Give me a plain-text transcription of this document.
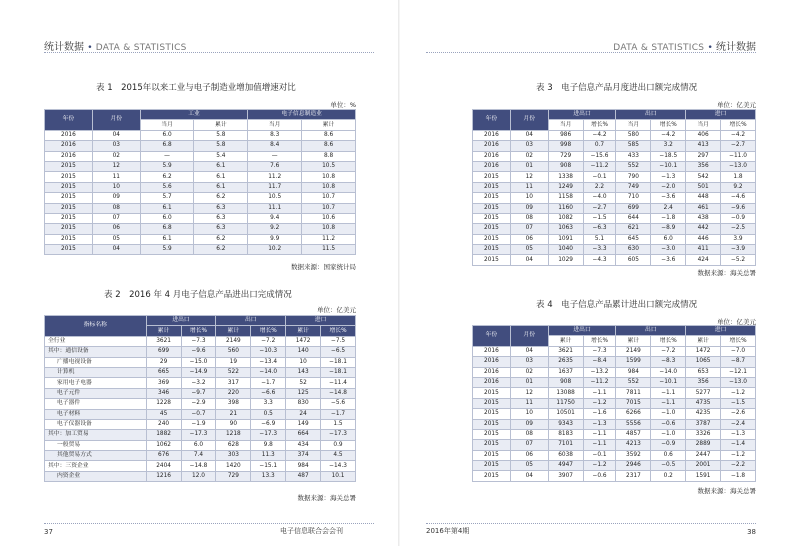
统计数据 • DATA & STATISTICS
表 1　2015年以来工业与电子制造业增加值增速对比
单位：%
年份	月份	工业		电子信息制造业	
		当月	累计	当月	累计
2016	04	6.0	5.8	8.3	8.6
2016	03	6.8	5.8	8.4	8.6
2016	02	—	5.4	—	8.8
2015	12	5.9	6.1	7.6	10.5
2015	11	6.2	6.1	11.2	10.8
2015	10	5.6	6.1	11.7	10.8
2015	09	5.7	6.2	10.5	10.7
2015	08	6.1	6.3	11.1	10.7
2015	07	6.0	6.3	9.4	10.6
2015	06	6.8	6.3	9.2	10.8
2015	05	6.1	6.2	9.9	11.2
2015	04	5.9	6.2	10.2	11.5
数据来源：国家统计局
表 2　2016 年 4 月电子信息产品进出口完成情况
单位：亿美元
指标名称	进出口		出口		进口	
	累计	增长%	累计	增长%	累计	增长%
全行业	3621	−7.3	2149	−7.2	1472	−7.5
其中：通信设备	699	−9.6	560	−10.3	140	−6.5
广播电视设备	29	−15.0	19	−13.4	10	−18.1
计算机	665	−14.9	522	−14.0	143	−18.1
家用电子电器	369	−3.2	317	−1.7	52	−11.4
电子元件	346	−9.7	220	−6.6	125	−14.8
电子器件	1228	−2.9	398	3.3	830	−5.6
电子材料	45	−0.7	21	0.5	24	−1.7
电子仪器设备	240	−1.9	90	−6.9	149	1.5
其中：加工贸易	1882	−17.3	1218	−17.3	664	−17.3
一般贸易	1062	6.0	628	9.8	434	0.9
其他贸易方式	676	7.4	303	11.3	374	4.5
其中：三资企业	2404	−14.8	1420	−15.1	984	−14.3
内资企业	1216	12.0	729	13.3	487	10.1
数据来源：海关总署
37	电子信息联合会会刊
DATA & STATISTICS • 统计数据
表 3　电子信息产品月度进出口额完成情况
单位：亿美元
年份	月份	进出口		出口		进口	
		当月	增长%	当月	增长%	当月	增长%
2016	04	986	−4.2	580	−4.2	406	−4.2
2016	03	998	0.7	585	3.2	413	−2.7
2016	02	729	−15.6	433	−18.5	297	−11.0
2016	01	908	−11.2	552	−10.1	356	−13.0
2015	12	1338	−0.1	790	−1.3	542	1.8
2015	11	1249	2.2	749	−2.0	501	9.2
2015	10	1158	−4.0	710	−3.6	448	−4.6
2015	09	1160	−2.7	699	2.4	461	−9.6
2015	08	1082	−1.5	644	−1.8	438	−0.9
2015	07	1063	−6.3	621	−8.9	442	−2.5
2015	06	1091	5.1	645	6.0	446	3.9
2015	05	1040	−3.3	630	−3.0	411	−3.9
2015	04	1029	−4.3	605	−3.6	424	−5.2
数据来源：海关总署
表 4　电子信息产品累计进出口额完成情况
单位：亿美元
年份	月份	进出口		出口		进口	
		累计	增长%	累计	增长%	累计	增长%
2016	04	3621	−7.3	2149	−7.2	1472	−7.0
2016	03	2635	−8.4	1599	−8.3	1065	−8.7
2016	02	1637	−13.2	984	−14.0	653	−12.1
2016	01	908	−11.2	552	−10.1	356	−13.0
2015	12	13088	−1.1	7811	−1.1	5277	−1.2
2015	11	11750	−1.2	7015	−1.1	4735	−1.5
2015	10	10501	−1.6	6266	−1.0	4235	−2.6
2015	09	9343	−1.3	5556	−0.6	3787	−2.4
2015	08	8183	−1.1	4857	−1.0	3326	−1.3
2015	07	7101	−1.1	4213	−0.9	2889	−1.4
2015	06	6038	−0.1	3592	0.6	2447	−1.2
2015	05	4947	−1.2	2946	−0.5	2001	−2.2
2015	04	3907	−0.6	2317	0.2	1591	−1.8
数据来源：海关总署
2016年第4期	38
